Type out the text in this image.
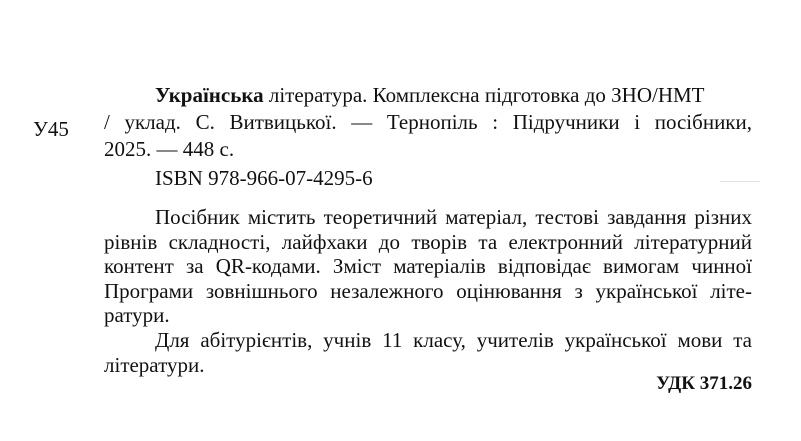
У45
Українська література. Комплексна підготовка до ЗНО/НМТ
/ уклад. С. Витвицької. — Тернопіль : Підручники і посібники,
2025. — 448 с.
ISBN 978-966-07-4295-6
Посібник містить теоретичний матеріал, тестові завдання різних
рівнів складності, лайфхаки до творів та електронний літературний
контент за QR-кодами. Зміст матеріалів відповідає вимогам чинної
Програми зовнішнього незалежного оцінювання з української літе-
ратури.
Для абітурієнтів, учнів 11 класу, учителів української мови та
літератури.
УДК 371.26
